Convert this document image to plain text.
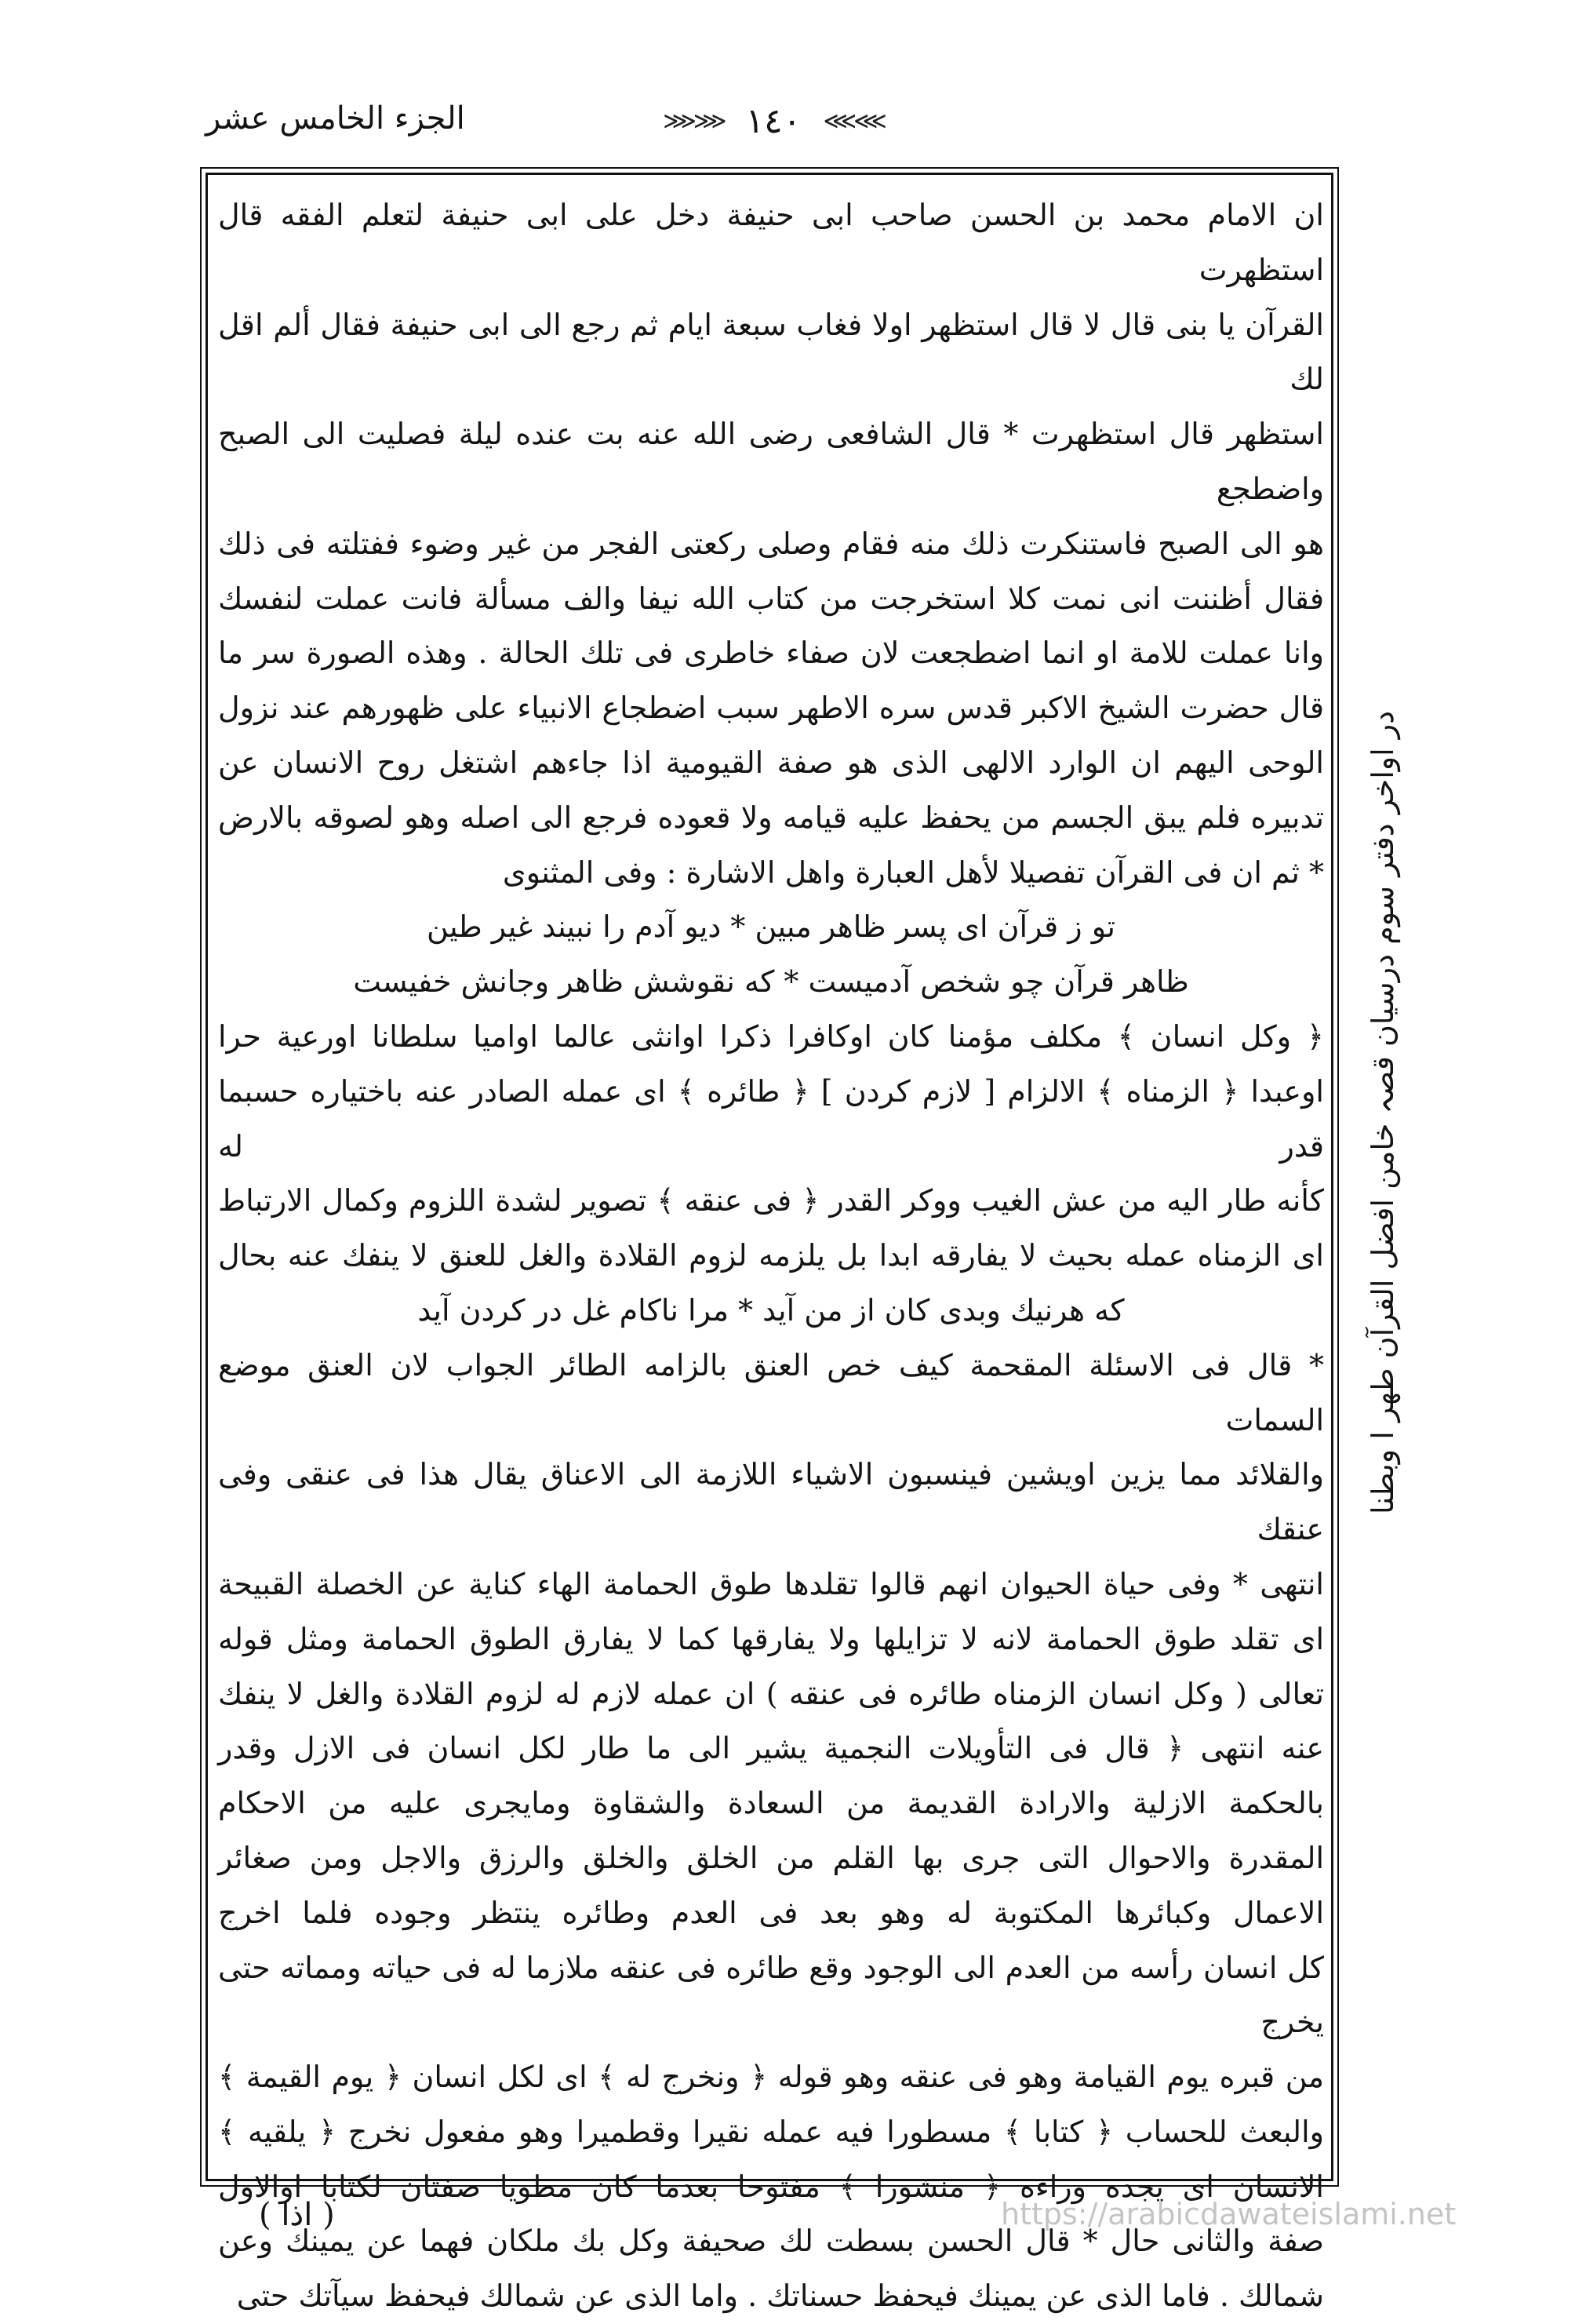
الجزء الخامس عشر	⋙⋙ ١٤٠ ⋘⋘
در اواخر دفتر سوم درسیان قصہ خامن افضل القرآن طهر ا وبطنا

ان الامام محمد بن الحسن صاحب ابى حنيفة دخل على ابى حنيفة لتعلم الفقه قال استظهرت

القرآن يا بنى قال لا قال استظهر اولا فغاب سبعة ايام ثم رجع الى ابى حنيفة فقال ألم اقل لك

استظهر قال استظهرت * قال الشافعى رضى الله عنه بت عنده ليلة فصليت الى الصبح واضطجع

هو الى الصبح فاستنكرت ذلك منه فقام وصلى ركعتى الفجر من غير وضوء ففتلته فى ذلك

فقال أظننت انى نمت كلا استخرجت من كتاب الله نيفا والف مسألة فانت عملت لنفسك

وانا عملت للامة او انما اضطجعت لان صفاء خاطرى فى تلك الحالة . وهذه الصورة سر ما

قال حضرت الشيخ الاكبر قدس سره الاطهر سبب اضطجاع الانبياء على ظهورهم عند نزول

الوحى اليهم ان الوارد الالهى الذى هو صفة القيومية اذا جاءهم اشتغل روح الانسان عن

تدبيره فلم يبق الجسم من يحفظ عليه قيامه ولا قعوده فرجع الى اصله وهو لصوقه بالارض

* ثم ان فى القرآن تفصيلا لأهل العبارة واهل الاشارة : وفى المثنوى

تو ز قرآن اى پسر ظاهر مبين * ديو آدم را نبيند غير طين

ظاهر قرآن چو شخص آدميست * كه نقوشش ظاهر وجانش خفيست

﴿ وكل انسان ﴾ مكلف مؤمنا كان اوكافرا ذكرا اوانثى عالما اواميا سلطانا اورعية حرا

اوعبدا ﴿ الزمناه ﴾ الالزام [ لازم كردن ] ﴿ طائره ﴾ اى عمله الصادر عنه باختياره حسبما قدر له

كأنه طار اليه من عش الغيب ووكر القدر ﴿ فى عنقه ﴾ تصوير لشدة اللزوم وكمال الارتباط

اى الزمناه عمله بحيث لا يفارقه ابدا بل يلزمه لزوم القلادة والغل للعنق لا ينفك عنه بحال

كه هرنيك وبدى كان از من آيد * مرا ناكام غل در كردن آيد

* قال فى الاسئلة المقحمة كيف خص العنق بالزامه الطائر الجواب لان العنق موضع السمات

والقلائد مما يزين اويشين فينسبون الاشياء اللازمة الى الاعناق يقال هذا فى عنقى وفى عنقك

انتهى * وفى حياة الحيوان انهم قالوا تقلدها طوق الحمامة الهاء كناية عن الخصلة القبيحة

اى تقلد طوق الحمامة لانه لا تزايلها ولا يفارقها كما لا يفارق الطوق الحمامة ومثل قوله

تعالى ( وكل انسان الزمناه طائره فى عنقه ) ان عمله لازم له لزوم القلادة والغل لا ينفك

عنه انتهى ﴿ قال فى التأويلات النجمية يشير الى ما طار لكل انسان فى الازل وقدر

بالحكمة الازلية والارادة القديمة من السعادة والشقاوة ومايجرى عليه من الاحكام

المقدرة والاحوال التى جرى بها القلم من الخلق والخلق والرزق والاجل ومن صغائر

الاعمال وكبائرها المكتوبة له وهو بعد فى العدم وطائره ينتظر وجوده فلما اخرج

كل انسان رأسه من العدم الى الوجود وقع طائره فى عنقه ملازما له فى حياته ومماته حتى يخرج

من قبره يوم القيامة وهو فى عنقه وهو قوله ﴿ ونخرج له ﴾ اى لكل انسان ﴿ يوم القيمة ﴾

والبعث للحساب ﴿ كتابا ﴾ مسطورا فيه عمله نقيرا وقطميرا وهو مفعول نخرج ﴿ يلقيه ﴾

الانسان اى يجده وراءه ﴿ منشورا ﴾ مفتوحا بعدما كان مطويا صفتان لكتابا اوالاول

صفة والثانى حال * قال الحسن بسطت لك صحيفة وكل بك ملكان فهما عن يمينك وعن

شمالك . فاما الذى عن يمينك فيحفظ حسناتك . واما الذى عن شمالك فيحفظ سيآتك حتى

( اذا )	https://arabicdawateislami.net
